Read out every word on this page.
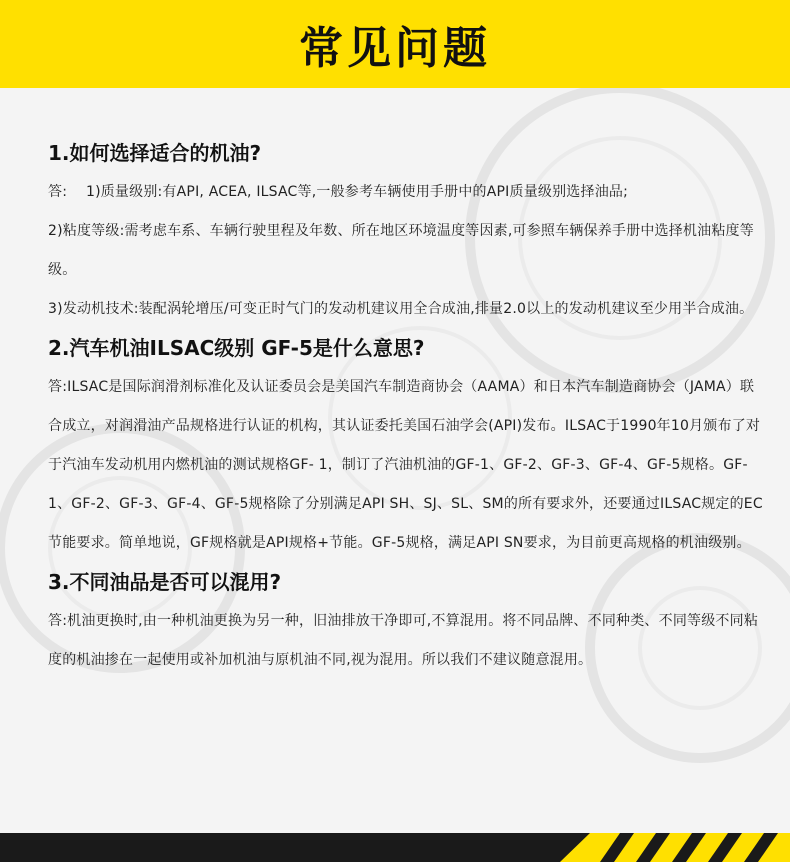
常见问题
1.如何选择适合的机油?
答:　 1)质量级别:有API, ACEA, ILSAC等,一般参考车辆使用手册中的API质量级别选择油品;
2)粘度等级:需考虑车系、车辆行驶里程及年数、所在地区环境温度等因素,可参照车辆保养手册中选择机油粘度等级。
3)发动机技术:装配涡轮增压/可变正时气门的发动机建议用全合成油,排量2.0以上的发动机建议至少用半合成油。
2.汽车机油ILSAC级别 GF-5是什么意思?
答:ILSAC是国际润滑剂标准化及认证委员会是美国汽车制造商协会（AAMA）和日本汽车制造商协会（JAMA）联合成立，对润滑油产品规格进行认证的机构，其认证委托美国石油学会(API)发布。ILSAC于1990年10月颁布了对于汽油车发动机用内燃机油的测试规格GF- 1，制订了汽油机油的GF-1、GF-2、GF-3、GF-4、GF-5规格。GF-1、GF-2、GF-3、GF-4、GF-5规格除了分别满足API SH、SJ、SL、SM的所有要求外，还要通过ILSAC规定的EC节能要求。简单地说，GF规格就是API规格+节能。GF-5规格，满足API SN要求，为目前更高规格的机油级别。
3.不同油品是否可以混用?
答:机油更换时,由一种机油更换为另一种，旧油排放干净即可,不算混用。将不同品牌、不同种类、不同等级不同粘度的机油掺在一起使用或补加机油与原机油不同,视为混用。所以我们不建议随意混用。
